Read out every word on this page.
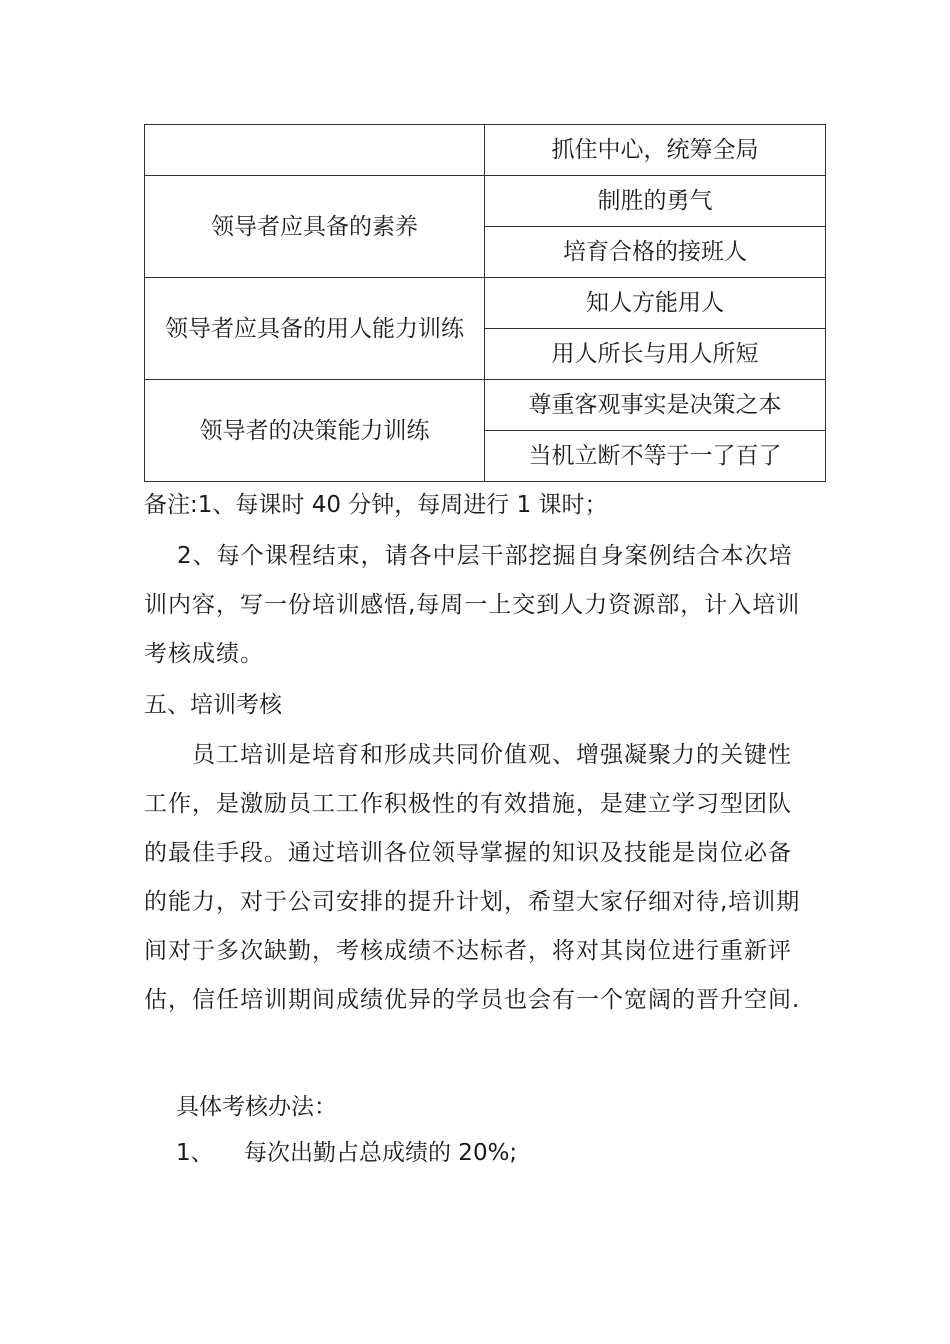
	抓住中心，统筹全局
领导者应具备的素养	制胜的勇气
	培育合格的接班人
领导者应具备的用人能力训练	知人方能用人
	用人所长与用人所短
领导者的决策能力训练	尊重客观事实是决策之本
	当机立断不等于一了百了
备注:1、每课时 40 分钟，每周进行 1 课时；
2、每个课程结束，请各中层干部挖掘自身案例结合本次培训内容，写一份培训感悟,每周一上交到人力资源部，计入培训考核成绩。
五、培训考核
员工培训是培育和形成共同价值观、增强凝聚力的关键性工作，是激励员工工作积极性的有效措施，是建立学习型团队的最佳手段。通过培训各位领导掌握的知识及技能是岗位必备的能力，对于公司安排的提升计划，希望大家仔细对待,培训期间对于多次缺勤，考核成绩不达标者，将对其岗位进行重新评估，信任培训期间成绩优异的学员也会有一个宽阔的晋升空间.
具体考核办法：
1、 每次出勤占总成绩的 20%;
